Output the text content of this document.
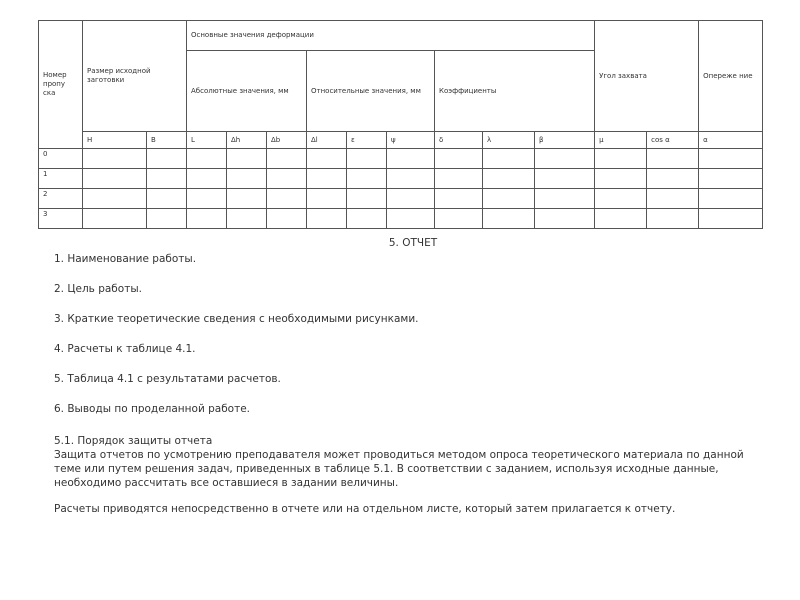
Номер пропу ска	Размер исходной заготовки		Основные значения деформации									Угол захвата		Опереже ние	
			Абсолютные значения, мм			Относительные значения, мм			Коэффициенты						
	H	B	L	Δh	Δb	Δl	ε	ψ	δ	λ	β	μ	cos α	α	
0															
1															
2															
3															

5. ОТЧЕТ

1. Наименование работы.

2. Цель работы.

3. Краткие теоретические сведения с необходимыми рисунками.

4. Расчеты к таблице 4.1.

5. Таблица 4.1 с результатами расчетов.

6. Выводы по проделанной работе.

5.1. Порядок защиты отчета

Защита отчетов по усмотрению преподавателя может проводиться методом опроса теоретического материала по данной теме или путем решения задач, приведенных в таблице 5.1. В соответствии с заданием, используя исходные данные, необходимо рассчитать все оставшиеся в задании величины.

Расчеты приводятся непосредственно в отчете или на отдельном листе, который затем прилагается к отчету.
